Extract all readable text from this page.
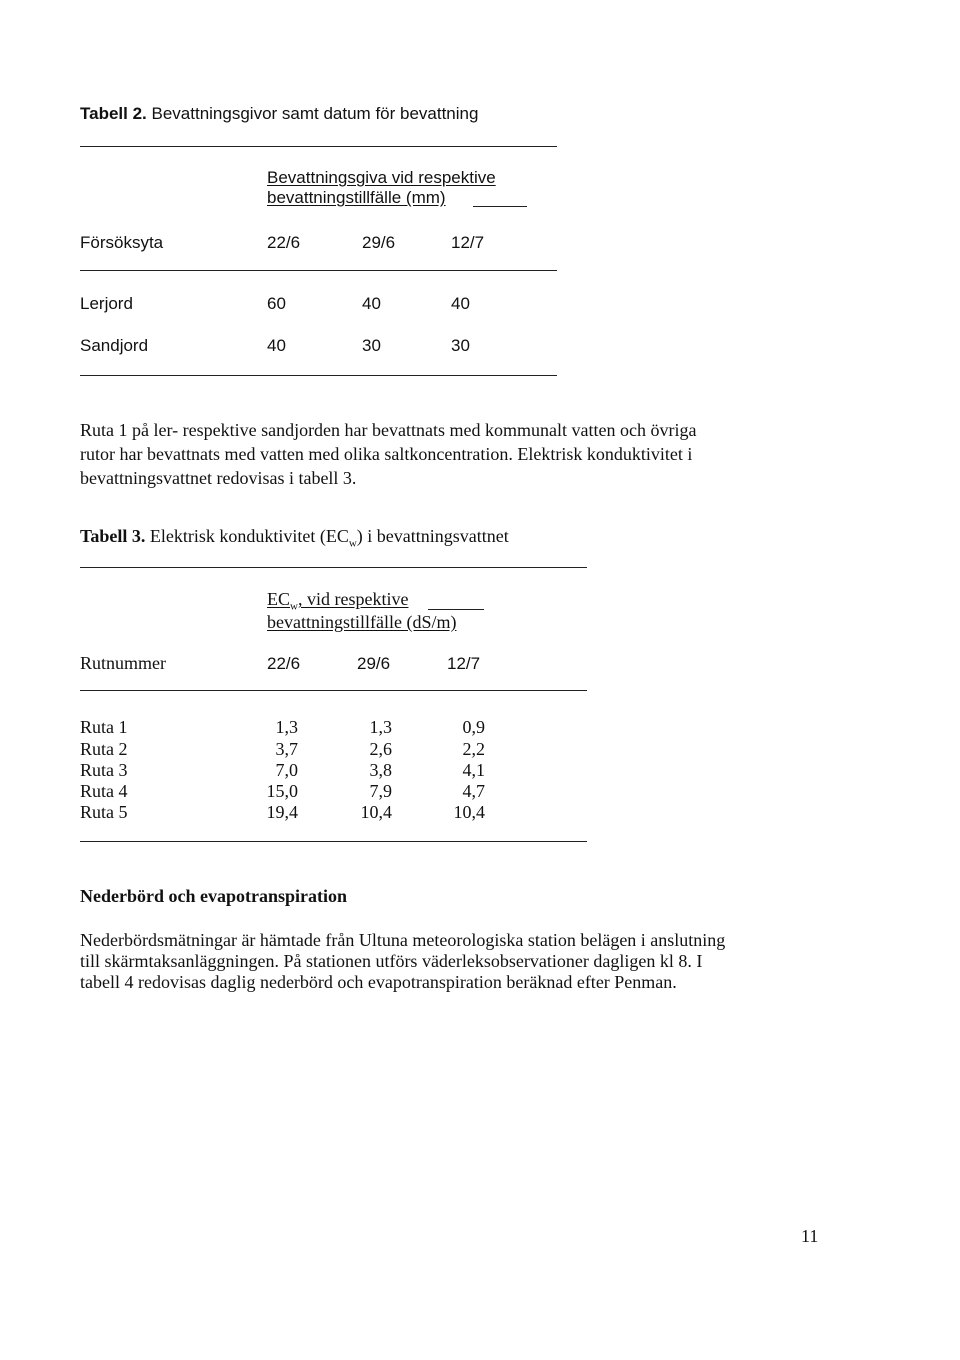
Tabell 2. Bevattningsgivor samt datum för bevattning
Bevattningsgiva vid respektive
bevattningstillfälle (mm)
Försöksyta	22/6	29/6	12/7
Lerjord	60	40	40
Sandjord	40	30	30
Ruta 1 på ler- respektive sandjorden har bevattnats med kommunalt vatten och övriga
rutor har bevattnats med vatten med olika saltkoncentration. Elektrisk konduktivitet i
bevattningsvattnet redovisas i tabell 3.
Tabell 3. Elektrisk konduktivitet $(EC_w)$ i bevattningsvattnet
$EC_w$, vid respektive
bevattningstillfälle (dS/m)
Rutnummer	22/6	29/6	12/7
Ruta 1	1,3	1,3	0,9
Ruta 2	3,7	2,6	2,2
Ruta 3	7,0	3,8	4,1
Ruta 4	15,0	7,9	4,7
Ruta 5	19,4	10,4	10,4
Nederbörd och evapotranspiration
Nederbördsmätningar är hämtade från Ultuna meteorologiska station belägen i anslutning
till skärmtaksanläggningen. På stationen utförs väderleksobservationer dagligen kl 8. I
tabell 4 redovisas daglig nederbörd och evapotranspiration beräknad efter Penman.
11
